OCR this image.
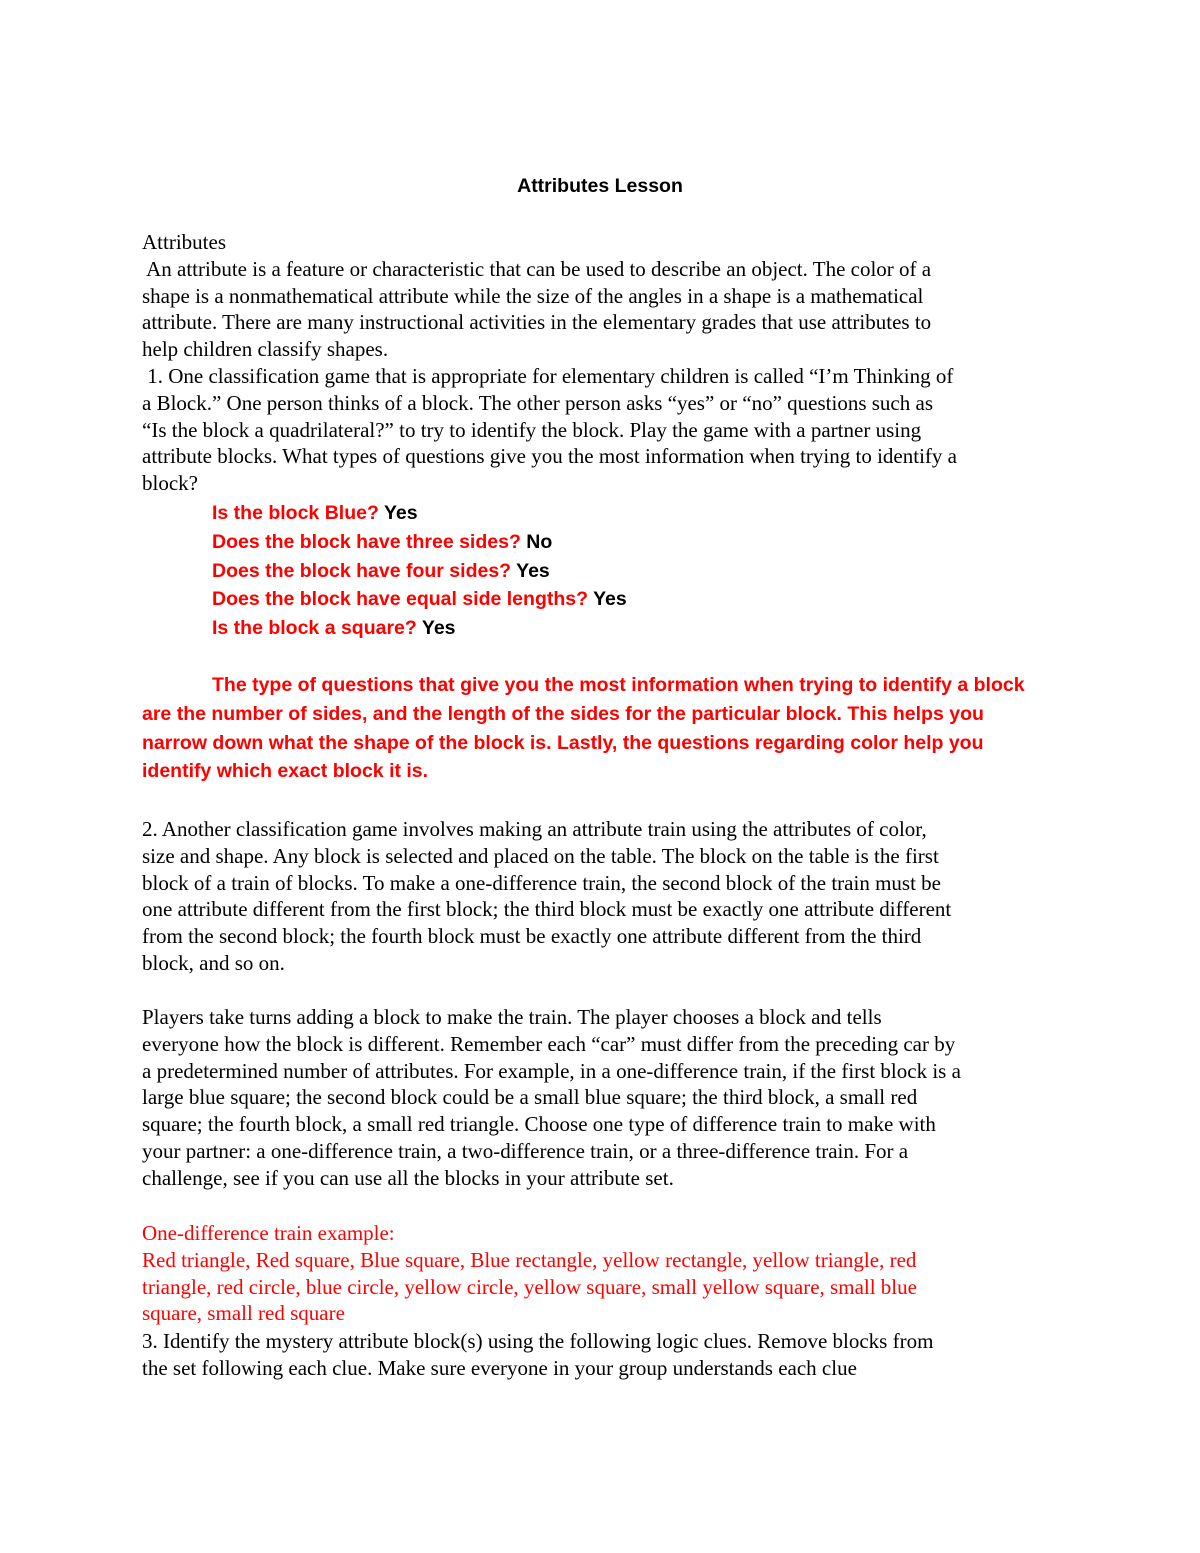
Attributes Lesson
Attributes
An attribute is a feature or characteristic that can be used to describe an object. The color of a
shape is a nonmathematical attribute while the size of the angles in a shape is a mathematical
attribute. There are many instructional activities in the elementary grades that use attributes to
help children classify shapes.
1. One classification game that is appropriate for elementary children is called “I’m Thinking of
a Block.” One person thinks of a block. The other person asks “yes” or “no” questions such as
“Is the block a quadrilateral?” to try to identify the block. Play the game with a partner using
attribute blocks. What types of questions give you the most information when trying to identify a
block?
Is the block Blue? Yes
Does the block have three sides? No
Does the block have four sides? Yes
Does the block have equal side lengths? Yes
Is the block a square? Yes
The type of questions that give you the most information when trying to identify a block
are the number of sides, and the length of the sides for the particular block. This helps you
narrow down what the shape of the block is. Lastly, the questions regarding color help you
identify which exact block it is.
2. Another classification game involves making an attribute train using the attributes of color,
size and shape. Any block is selected and placed on the table. The block on the table is the first
block of a train of blocks. To make a one-difference train, the second block of the train must be
one attribute different from the first block; the third block must be exactly one attribute different
from the second block; the fourth block must be exactly one attribute different from the third
block, and so on.
Players take turns adding a block to make the train. The player chooses a block and tells
everyone how the block is different. Remember each “car” must differ from the preceding car by
a predetermined number of attributes. For example, in a one-difference train, if the first block is a
large blue square; the second block could be a small blue square; the third block, a small red
square; the fourth block, a small red triangle. Choose one type of difference train to make with
your partner: a one-difference train, a two-difference train, or a three-difference train. For a
challenge, see if you can use all the blocks in your attribute set.
One-difference train example:
Red triangle, Red square, Blue square, Blue rectangle, yellow rectangle, yellow triangle, red
triangle, red circle, blue circle, yellow circle, yellow square, small yellow square, small blue
square, small red square
3. Identify the mystery attribute block(s) using the following logic clues. Remove blocks from
the set following each clue. Make sure everyone in your group understands each clue
